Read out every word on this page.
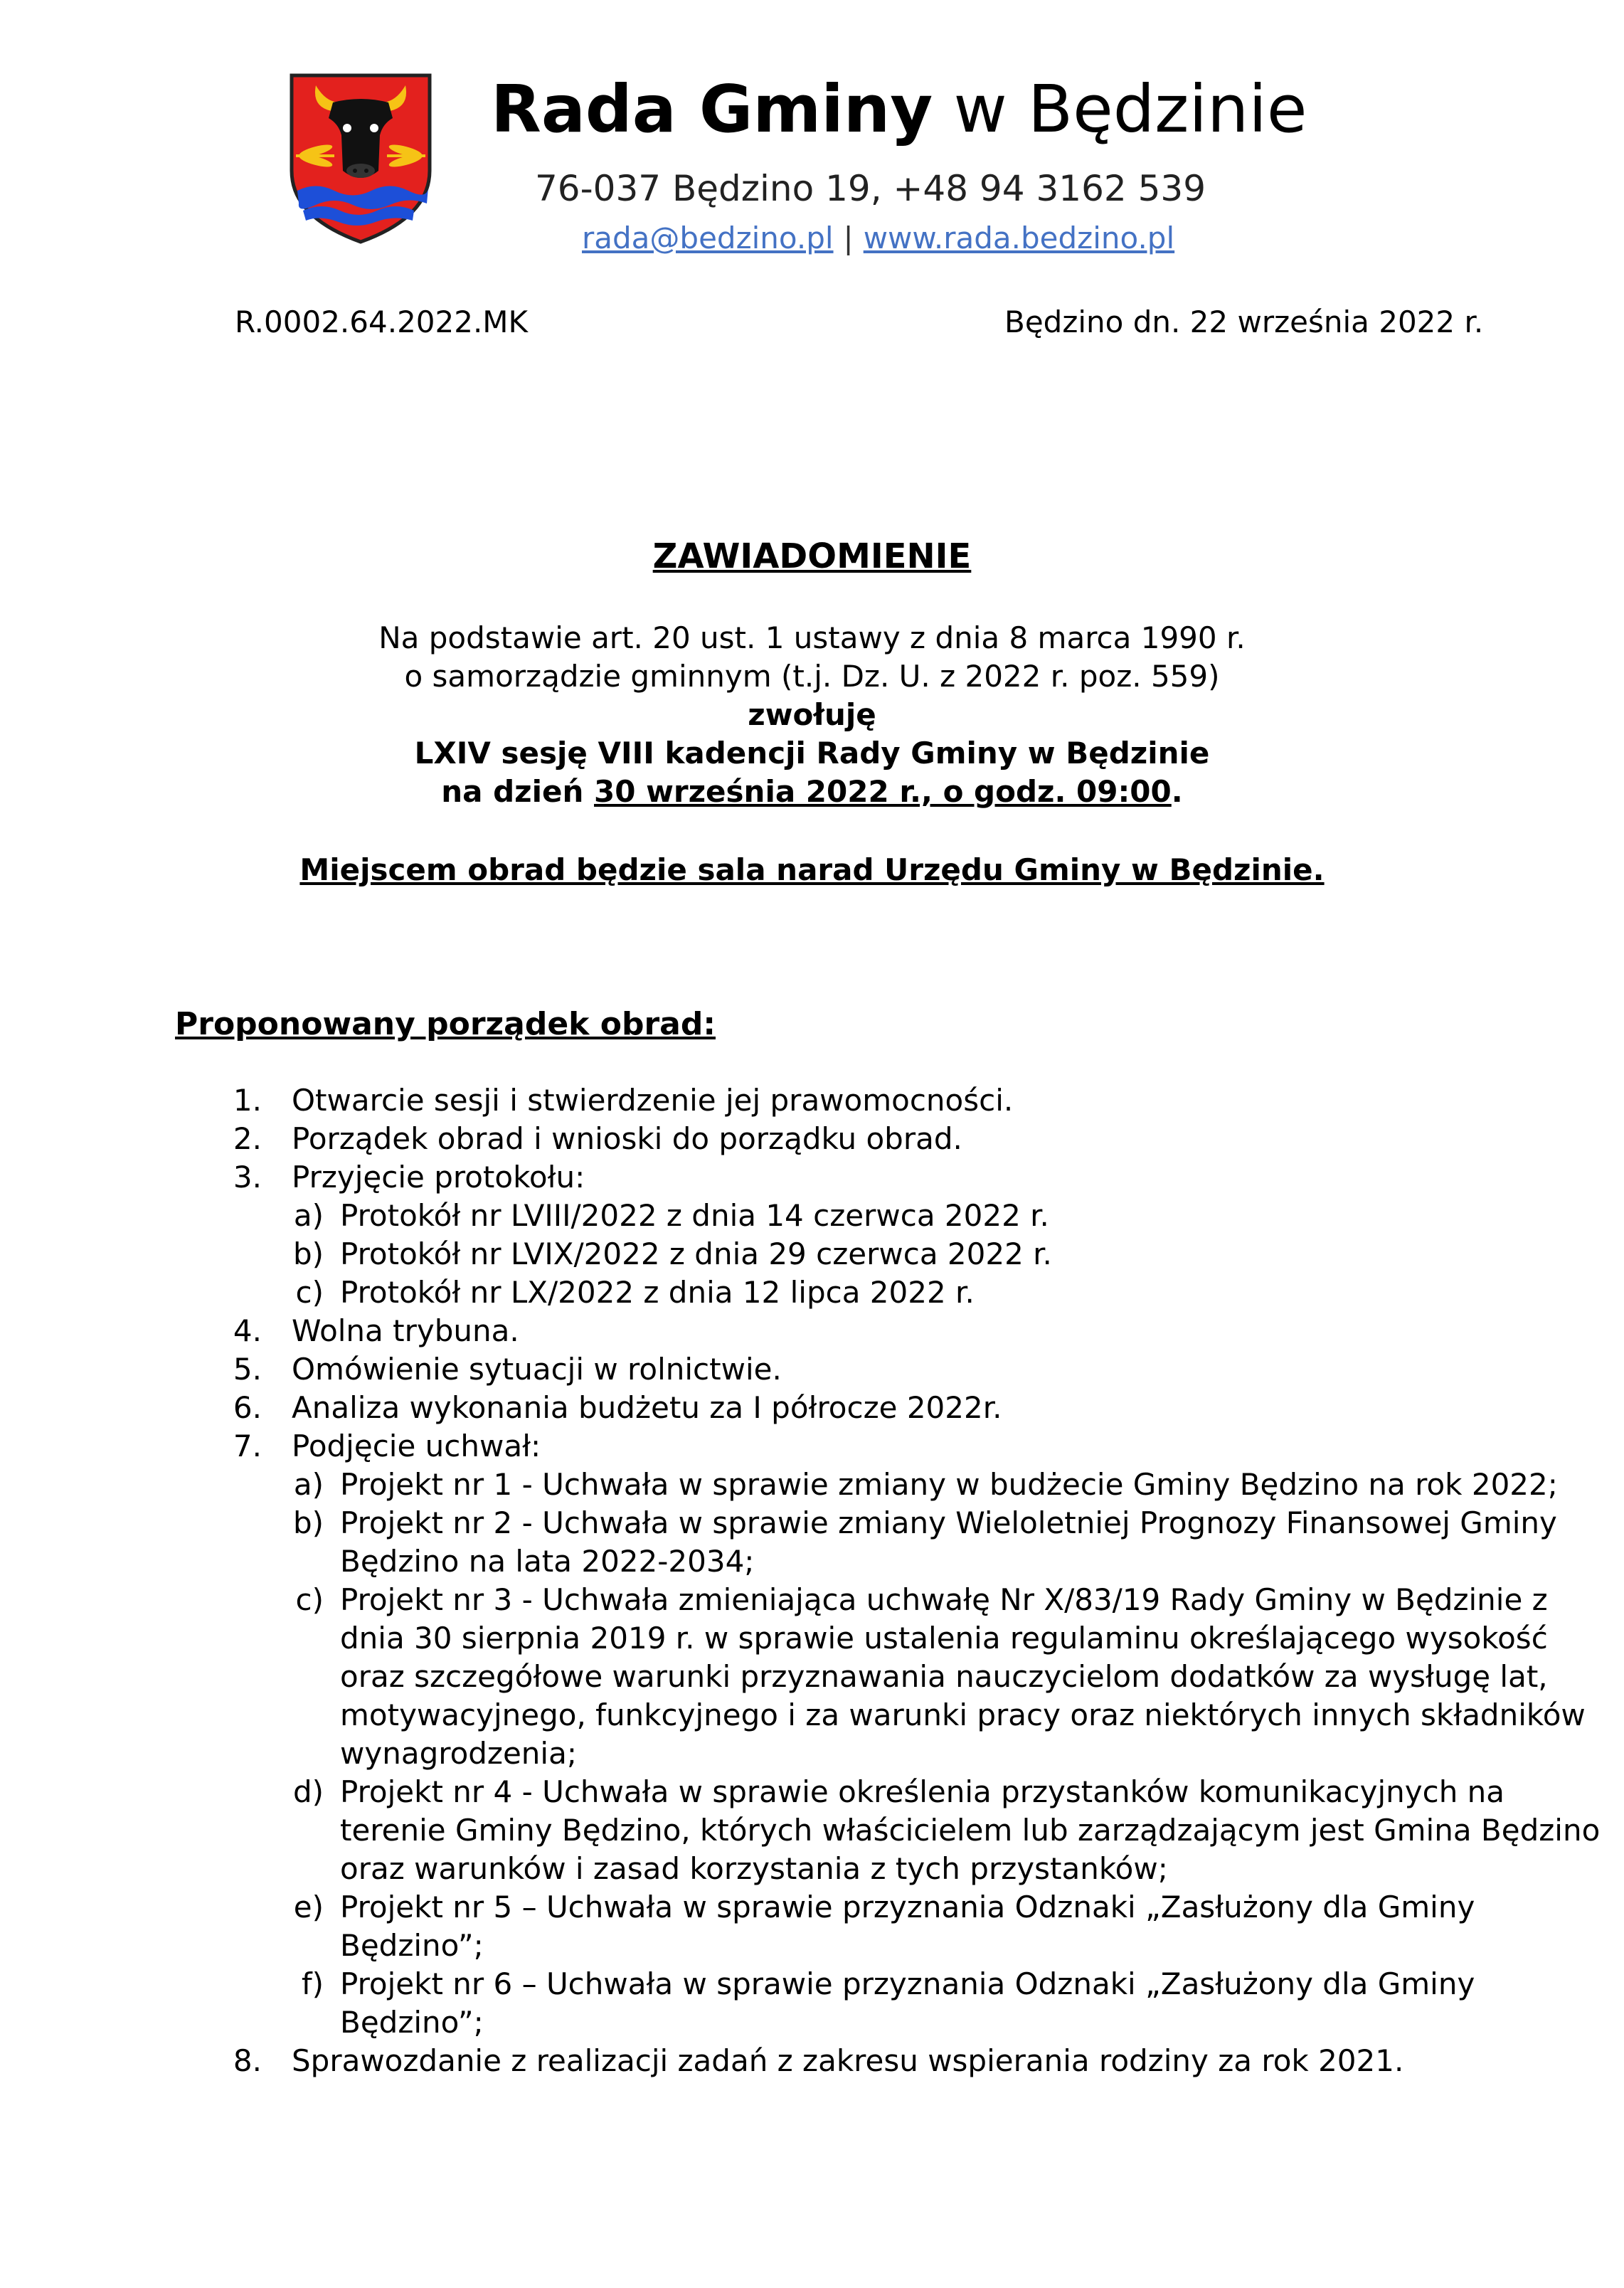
Rada Gminy w Będzinie
76-037 Będzino 19, +48 94 3162 539
rada@bedzino.pl | www.rada.bedzino.pl
R.0002.64.2022.MK	Będzino dn. 22 września 2022 r.
ZAWIADOMIENIE
Na podstawie art. 20 ust. 1 ustawy z dnia 8 marca 1990 r.
o samorządzie gminnym (t.j. Dz. U. z 2022 r. poz. 559)
zwołuję
LXIV sesję VIII kadencji Rady Gminy w Będzinie
na dzień 30 września 2022 r., o godz. 09:00.
Miejscem obrad będzie sala narad Urzędu Gminy w Będzinie.
Proponowany porządek obrad:
1. Otwarcie sesji i stwierdzenie jej prawomocności.
2. Porządek obrad i wnioski do porządku obrad.
3. Przyjęcie protokołu:
a) Protokół nr LVIII/2022 z dnia 14 czerwca 2022 r.
b) Protokół nr LVIX/2022 z dnia 29 czerwca 2022 r.
c) Protokół nr LX/2022 z dnia 12 lipca 2022 r.
4. Wolna trybuna.
5. Omówienie sytuacji w rolnictwie.
6. Analiza wykonania budżetu za I półrocze 2022r.
7. Podjęcie uchwał:
a) Projekt nr 1 - Uchwała w sprawie zmiany w budżecie Gminy Będzino na rok 2022;
b) Projekt nr 2 - Uchwała w sprawie zmiany Wieloletniej Prognozy Finansowej Gminy
Będzino na lata 2022-2034;
c) Projekt nr 3 - Uchwała zmieniająca uchwałę Nr X/83/19 Rady Gminy w Będzinie z
dnia 30 sierpnia 2019 r. w sprawie ustalenia regulaminu określającego wysokość
oraz szczegółowe warunki przyznawania nauczycielom dodatków za wysługę lat,
motywacyjnego, funkcyjnego i za warunki pracy oraz niektórych innych składników
wynagrodzenia;
d) Projekt nr 4 - Uchwała w sprawie określenia przystanków komunikacyjnych na
terenie Gminy Będzino, których właścicielem lub zarządzającym jest Gmina Będzino
oraz warunków i zasad korzystania z tych przystanków;
e) Projekt nr 5 – Uchwała w sprawie przyznania Odznaki „Zasłużony dla Gminy
Będzino”;
f) Projekt nr 6 – Uchwała w sprawie przyznania Odznaki „Zasłużony dla Gminy
Będzino”;
8. Sprawozdanie z realizacji zadań z zakresu wspierania rodziny za rok 2021.
